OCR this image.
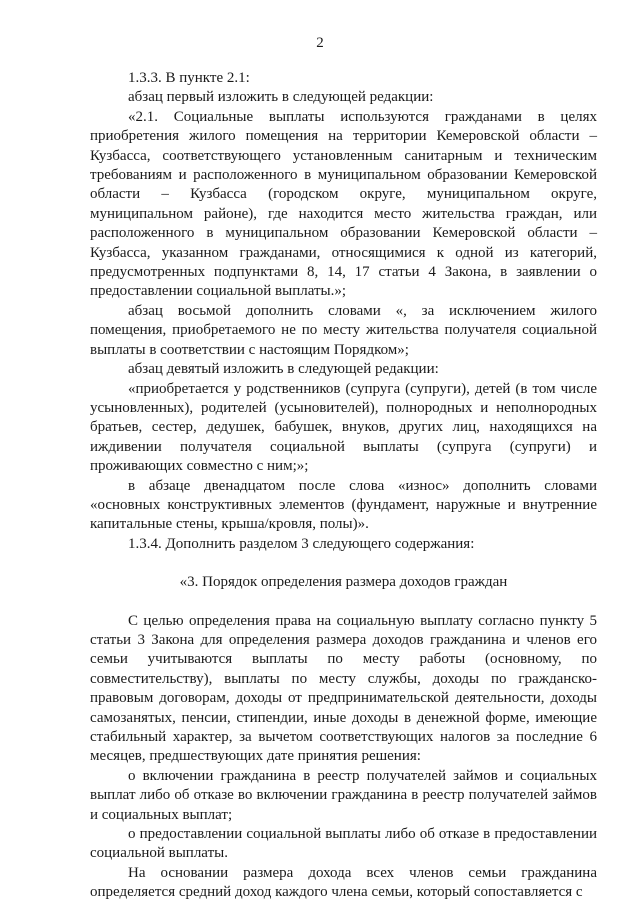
2

1.3.3. В пункте 2.1:

абзац первый изложить в следующей редакции:

«2.1. Социальные выплаты используются гражданами в целях приобретения жилого помещения на территории Кемеровской области – Кузбасса, соответствующего установленным санитарным и техническим требованиям и расположенного в муниципальном образовании Кемеровской области – Кузбасса (городском округе, муниципальном округе, муниципальном районе), где находится место жительства граждан, или расположенного в муниципальном образовании Кемеровской области – Кузбасса, указанном гражданами, относящимися к одной из категорий, предусмотренных подпунктами 8, 14, 17 статьи 4 Закона, в заявлении о предоставлении социальной выплаты.»;

абзац восьмой дополнить словами «, за исключением жилого помещения, приобретаемого не по месту жительства получателя социальной выплаты в соответствии с настоящим Порядком»;

абзац девятый изложить в следующей редакции:

«приобретается у родственников (супруга (супруги), детей (в том числе усыновленных), родителей (усыновителей), полнородных и неполнородных братьев, сестер, дедушек, бабушек, внуков, других лиц, находящихся на иждивении получателя социальной выплаты (супруга (супруги) и проживающих совместно с ним;»;

в абзаце двенадцатом после слова «износ» дополнить словами «основных конструктивных элементов (фундамент, наружные и внутренние капитальные стены, крыша/кровля, полы)».

1.3.4. Дополнить разделом 3 следующего содержания:

«3. Порядок определения размера доходов граждан

С целью определения права на социальную выплату согласно пункту 5 статьи 3 Закона для определения размера доходов гражданина и членов его семьи учитываются выплаты по месту работы (основному, по совместительству), выплаты по месту службы, доходы по гражданско-правовым договорам, доходы от предпринимательской деятельности, доходы самозанятых, пенсии, стипендии, иные доходы в денежной форме, имеющие стабильный характер, за вычетом соответствующих налогов за последние 6 месяцев, предшествующих дате принятия решения:

о включении гражданина в реестр получателей займов и социальных выплат либо об отказе во включении гражданина в реестр получателей займов и социальных выплат;

о предоставлении социальной выплаты либо об отказе в предоставлении социальной выплаты.

На основании размера дохода всех членов семьи гражданина определяется средний доход каждого члена семьи, который сопоставляется с
